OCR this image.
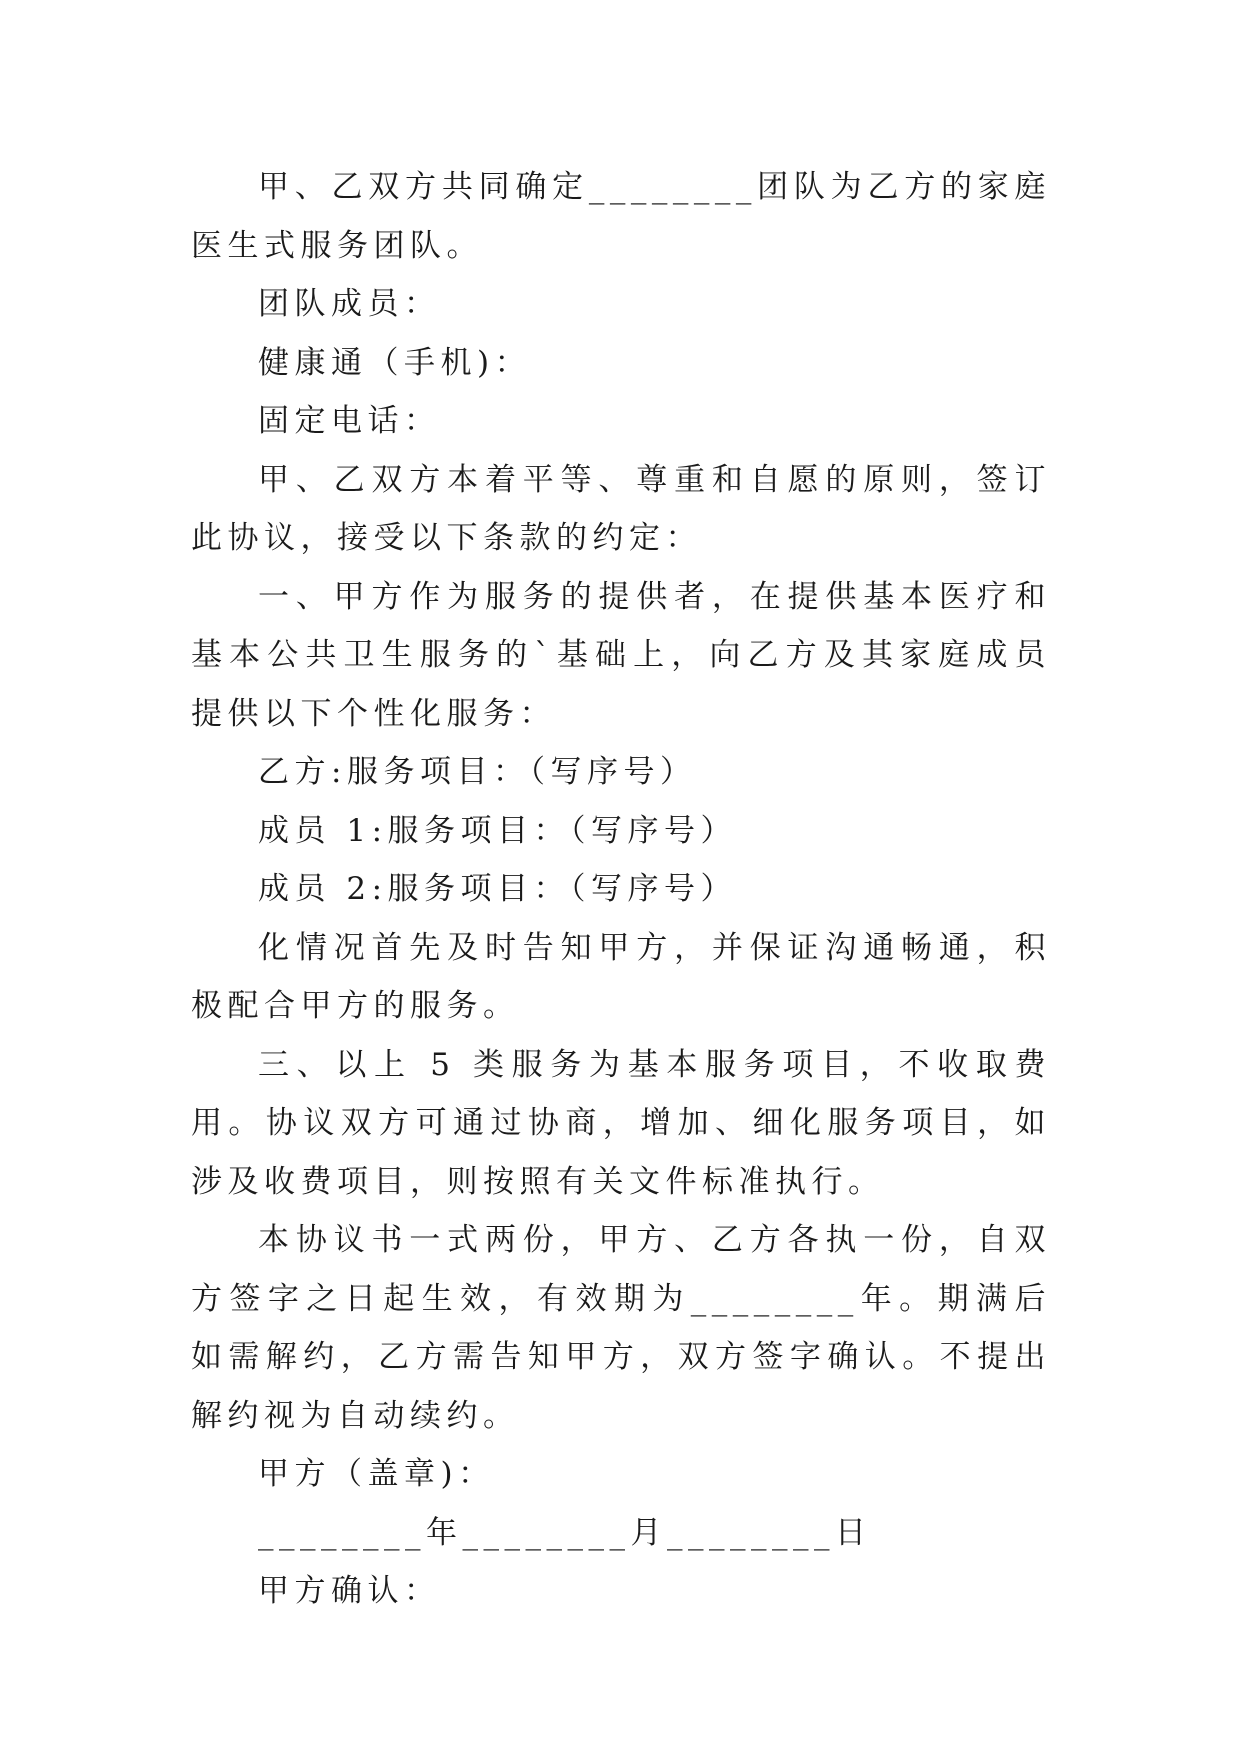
甲、乙双方共同确定________团队为乙方的家庭医生式服务团队。

团队成员：

健康通（手机)：

固定电话：

甲、乙双方本着平等、尊重和自愿的原则，签订此协议，接受以下条款的约定：

一、甲方作为服务的提供者，在提供基本医疗和基本公共卫生服务的`基础上，向乙方及其家庭成员提供以下个性化服务：

乙方:服务项目：（写序号）

成员 1:服务项目：（写序号）

成员 2:服务项目：（写序号）

化情况首先及时告知甲方，并保证沟通畅通，积极配合甲方的服务。

三、以上 5 类服务为基本服务项目，不收取费用。协议双方可通过协商，增加、细化服务项目，如涉及收费项目，则按照有关文件标准执行。

本协议书一式两份，甲方、乙方各执一份，自双方签字之日起生效，有效期为________年。期满后如需解约，乙方需告知甲方，双方签字确认。不提出解约视为自动续约。

甲方（盖章)：

________年________月________日

甲方确认：
